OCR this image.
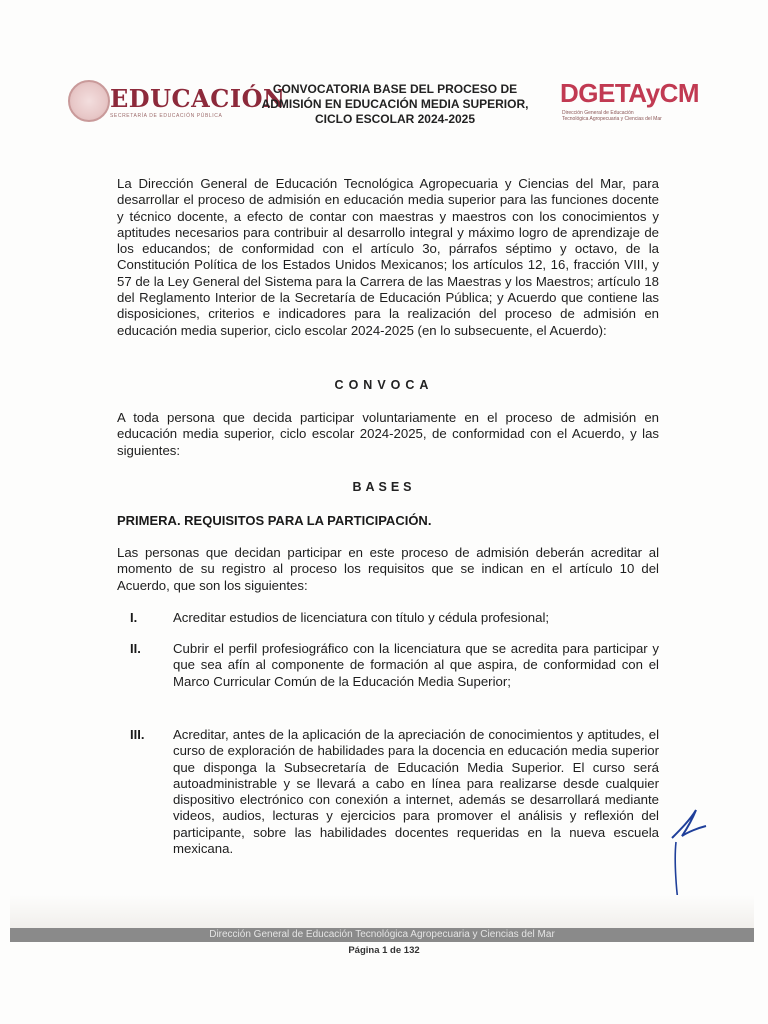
EDUCACIÓN
SECRETARÍA DE EDUCACIÓN PÚBLICA
CONVOCATORIA BASE DEL PROCESO DE
ADMISIÓN EN EDUCACIÓN MEDIA SUPERIOR,
CICLO ESCOLAR 2024-2025
DGETAyCM
Dirección General de Educación
Tecnológica Agropecuaria y Ciencias del Mar
La Dirección General de Educación Tecnológica Agropecuaria y Ciencias del Mar, para desarrollar el proceso de admisión en educación media superior para las funciones docente y técnico docente, a efecto de contar con maestras y maestros con los conocimientos y aptitudes necesarios para contribuir al desarrollo integral y máximo logro de aprendizaje de los educandos; de conformidad con el artículo 3o, párrafos séptimo y octavo, de la Constitución Política de los Estados Unidos Mexicanos; los artículos 12, 16, fracción VIII, y 57 de la Ley General del Sistema para la Carrera de las Maestras y los Maestros; artículo 18 del Reglamento Interior de la Secretaría de Educación Pública; y Acuerdo que contiene las disposiciones, criterios e indicadores para la realización del proceso de admisión en educación media superior, ciclo escolar 2024-2025 (en lo subsecuente, el Acuerdo):
CONVOCA
A toda persona que decida participar voluntariamente en el proceso de admisión en educación media superior, ciclo escolar 2024-2025, de conformidad con el Acuerdo, y las siguientes:
BASES
PRIMERA. REQUISITOS PARA LA PARTICIPACIÓN.
Las personas que decidan participar en este proceso de admisión deberán acreditar al momento de su registro al proceso los requisitos que se indican en el artículo 10 del Acuerdo, que son los siguientes:
I.	Acreditar estudios de licenciatura con título y cédula profesional;
II. Cubrir el perfil profesiográfico con la licenciatura que se acredita para participar y que sea afín al componente de formación al que aspira, de conformidad con el Marco Curricular Común de la Educación Media Superior;
III. Acreditar, antes de la aplicación de la apreciación de conocimientos y aptitudes, el curso de exploración de habilidades para la docencia en educación media superior que disponga la Subsecretaría de Educación Media Superior. El curso será autoadministrable y se llevará a cabo en línea para realizarse desde cualquier dispositivo electrónico con conexión a internet, además se desarrollará mediante videos, audios, lecturas y ejercicios para promover el análisis y reflexión del participante, sobre las habilidades docentes requeridas en la nueva escuela mexicana.
Dirección General de Educación Tecnológica Agropecuaria y Ciencias del Mar
Página 1 de 132
